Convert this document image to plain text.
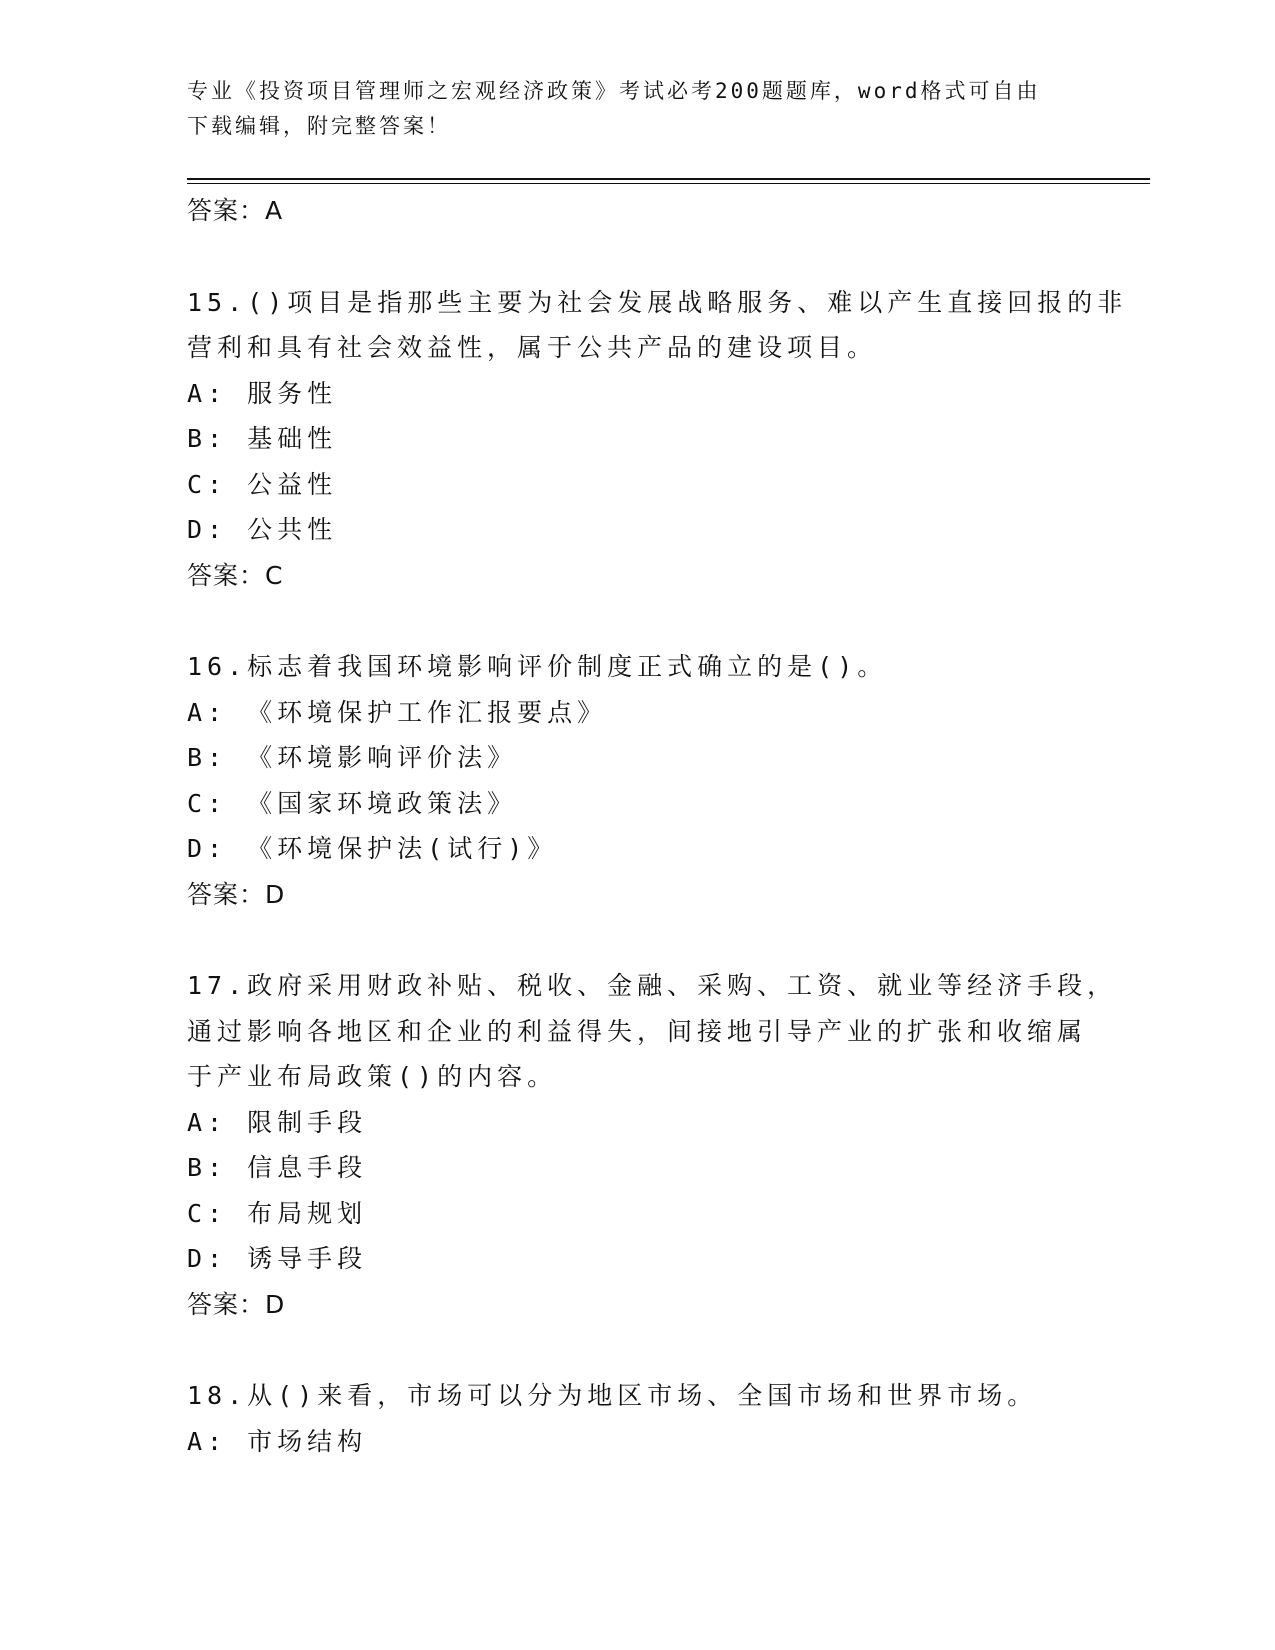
专业《投资项目管理师之宏观经济政策》考试必考200题题库，word格式可自由
下载编辑，附完整答案！
答案：A
15.()项目是指那些主要为社会发展战略服务、难以产生直接回报的非
营利和具有社会效益性，属于公共产品的建设项目。
A: 服务性
B: 基础性
C: 公益性
D: 公共性
答案：C
16.标志着我国环境影响评价制度正式确立的是()。
A: 《环境保护工作汇报要点》
B: 《环境影响评价法》
C: 《国家环境政策法》
D: 《环境保护法(试行)》
答案：D
17.政府采用财政补贴、税收、金融、采购、工资、就业等经济手段，
通过影响各地区和企业的利益得失，间接地引导产业的扩张和收缩属
于产业布局政策()的内容。
A: 限制手段
B: 信息手段
C: 布局规划
D: 诱导手段
答案：D
18.从()来看，市场可以分为地区市场、全国市场和世界市场。
A: 市场结构
